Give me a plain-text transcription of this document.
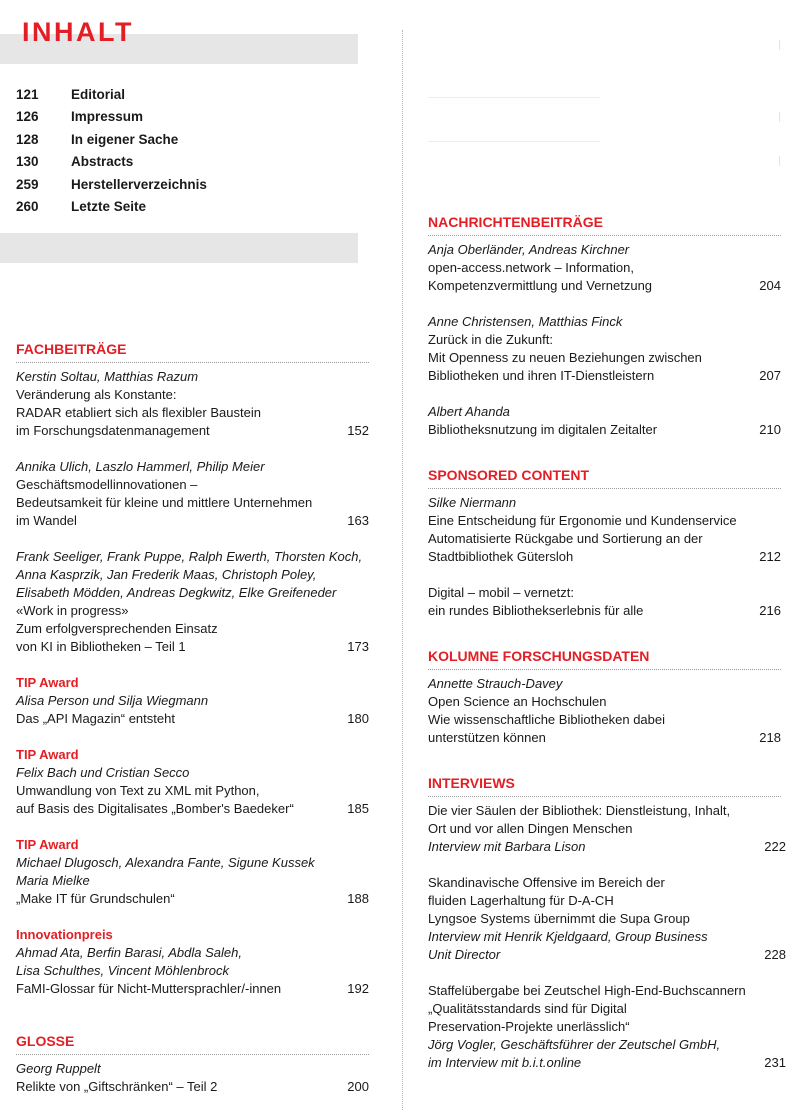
INHALT
121	Editorial
126	Impressum
128	In eigener Sache
130	Abstracts
259	Herstellerverzeichnis
260	Letzte Seite
FACHBEITRÄGE
Kerstin Soltau, Matthias Razum
Veränderung als Konstante:
RADAR etabliert sich als flexibler Baustein
im Forschungsdatenmanagement	152
Annika Ulich, Laszlo Hammerl, Philip Meier
Geschäftsmodellinnovationen –
Bedeutsamkeit für kleine und mittlere Unternehmen
im Wandel	163
Frank Seeliger, Frank Puppe, Ralph Ewerth, Thorsten Koch,
Anna Kasprzik, Jan Frederik Maas, Christoph Poley,
Elisabeth Mödden, Andreas Degkwitz, Elke Greifeneder
«Work in progress»
Zum erfolgversprechenden Einsatz
von KI in Bibliotheken – Teil 1	173
TIP Award
Alisa Person und Silja Wiegmann
Das „API Magazin“ entsteht	180
TIP Award
Felix Bach und Cristian Secco
Umwandlung von Text zu XML mit Python,
auf Basis des Digitalisates „Bomber's Baedeker“	185
TIP Award
Michael Dlugosch, Alexandra Fante, Sigune Kussek
Maria Mielke
„Make IT für Grundschulen“	188
Innovationpreis
Ahmad Ata, Berfin Barasi, Abdla Saleh,
Lisa Schulthes, Vincent Möhlenbrock
FaMI-Glossar für Nicht-Muttersprachler/-innen	192
GLOSSE
Georg Ruppelt
Relikte von „Giftschränken“ – Teil 2	200
NACHRICHTENBEITRÄGE
Anja Oberländer, Andreas Kirchner
open-access.network – Information,
Kompetenzvermittlung und Vernetzung	204
Anne Christensen, Matthias Finck
Zurück in die Zukunft:
Mit Openness zu neuen Beziehungen zwischen
Bibliotheken und ihren IT-Dienstleistern	207
Albert Ahanda
Bibliotheksnutzung im digitalen Zeitalter	210
SPONSORED CONTENT
Silke Niermann
Eine Entscheidung für Ergonomie und Kundenservice
Automatisierte Rückgabe und Sortierung an der
Stadtbibliothek Gütersloh	212
Digital – mobil – vernetzt:
ein rundes Bibliothekserlebnis für alle	216
KOLUMNE FORSCHUNGSDATEN
Annette Strauch-Davey
Open Science an Hochschulen
Wie wissenschaftliche Bibliotheken dabei
unterstützen können	218
INTERVIEWS
Die vier Säulen der Bibliothek: Dienstleistung, Inhalt,
Ort und vor allen Dingen Menschen
Interview mit Barbara Lison	222
Skandinavische Offensive im Bereich der
fluiden Lagerhaltung für D-A-CH
Lyngsoe Systems übernimmt die Supa Group
Interview mit Henrik Kjeldgaard, Group Business
Unit Director	228
Staffelübergabe bei Zeutschel High-End-Buchscannern
„Qualitätsstandards sind für Digital
Preservation-Projekte unerlässlich“
Jörg Vogler, Geschäftsführer der Zeutschel GmbH,
im Interview mit b.i.t.online	231
